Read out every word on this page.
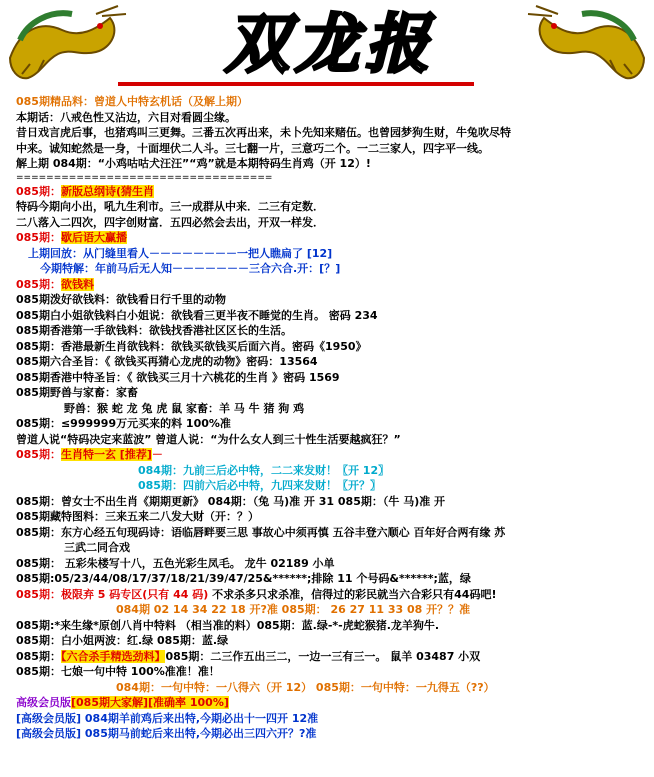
双龙报
085期精品料：曾道人中特玄机话（及解上期）
本期话：八戒色性又沾边，六目对看圆尘缘。
昔日戏言虎后事，也猪鸡叫三更舞。三番五次再出来，未卜先知来赌伍。也曾园梦狗生财，牛兔吹尽特
中来。诚知蛇然是一身，十面埋伏二人斗。三七翻一片，三意巧二个。一二三家人，四字平一线。
解上期 084期：“小鸡咕咕犬汪汪”“鸡”就是本期特码生肖鸡（开 12）!
==================================
085期：新版总纲诗(猜生肖
特码今期向小出，吼九生利市。三一成群从中来．二三有定数．
二八落入二四次，四字创财富．五四必然会去出，开双一样发．
085期：歇后语大赢播
上期回放：从门缝里看人－－－－－－－－一把人瞧扁了 [12]
今期特解：年前马后无人知－－－－－－－三合六合.开：[？]
085期：欲钱料
085期泼好欲钱料：欲钱看日行千里的动物
085期白小姐欲钱料白小姐说：欲钱看三更半夜不睡觉的生肖。 密码 234
085期香港第一手欲钱料：欲钱找香港社区区长的生活。
085期：香港最新生肖欲钱料：欲钱买欲钱买后面六肖。密码《1950》
085期六合圣旨：《 欲钱买再猜心龙虎的动物》密码：13564
085期香港中特圣旨：《 欲钱买三月十六桃花的生肖 》密码 1569
085期野兽与家畜：家畜
野兽：猴 蛇 龙 兔 虎 鼠 家畜：羊 马 牛 猪 狗 鸡
085期：≤999999万元买来的料 100%准
曾道人说“特码决定来蓝波” 曾道人说：“为什么女人到三十性生活要越疯狂？”
085期：生肖特一玄 [推荐]－
084期：九前三后必中特，二二来发财！〖开 12〗
085期：四前六后必中特，九四来发财！〖开？〗
085期：曾女士不出生肖《期期更新》 084期：（兔 马)准 开 31 085期：（牛 马)准 开
085期藏特图料：三来五来二八发大财（开：？）
085期：东方心经五句现码诗：语临唇畔要三思 事故心中须再慎 五谷丰登六顺心 百年好合两有缘 苏
三武二同合戏
085期： 五彩朱楼写十八，五色光彩生凤毛。 龙牛 02189 小单
085期:05/23/44/08/17/37/18/21/39/47/25&******;排除 11 个号码&******;蓝，绿
085期：极限弃 5 码专区(只有 44 码) 不求杀多只求杀准，信得过的彩民就当六合彩只有44码吧!
084期 02 14 34 22 18 开?准 085期： 26 27 11 33 08 开？？准
085期:*来生缘*原创八肖中特料 （相当准的料）085期：蓝.绿-*-虎蛇猴猪.龙羊狗牛.
085期：白小姐两波：红.绿 085期：蓝.绿
085期：【六合杀手精选劲料】085期：二三作五出三二，一边一三有三一。 鼠羊 03487 小双
085期：七娘一句中特 100%准准！准！
084期：一句中特：一八得六（开 12） 085期：一句中特：一九得五（??）
高级会员版[085期大家解][准确率 100%]
[高级会员版] 084期羊前鸡后来出特,今期必出十一四开 12准
[高级会员版] 085期马前蛇后来出特,今期必出三四六开？?准
